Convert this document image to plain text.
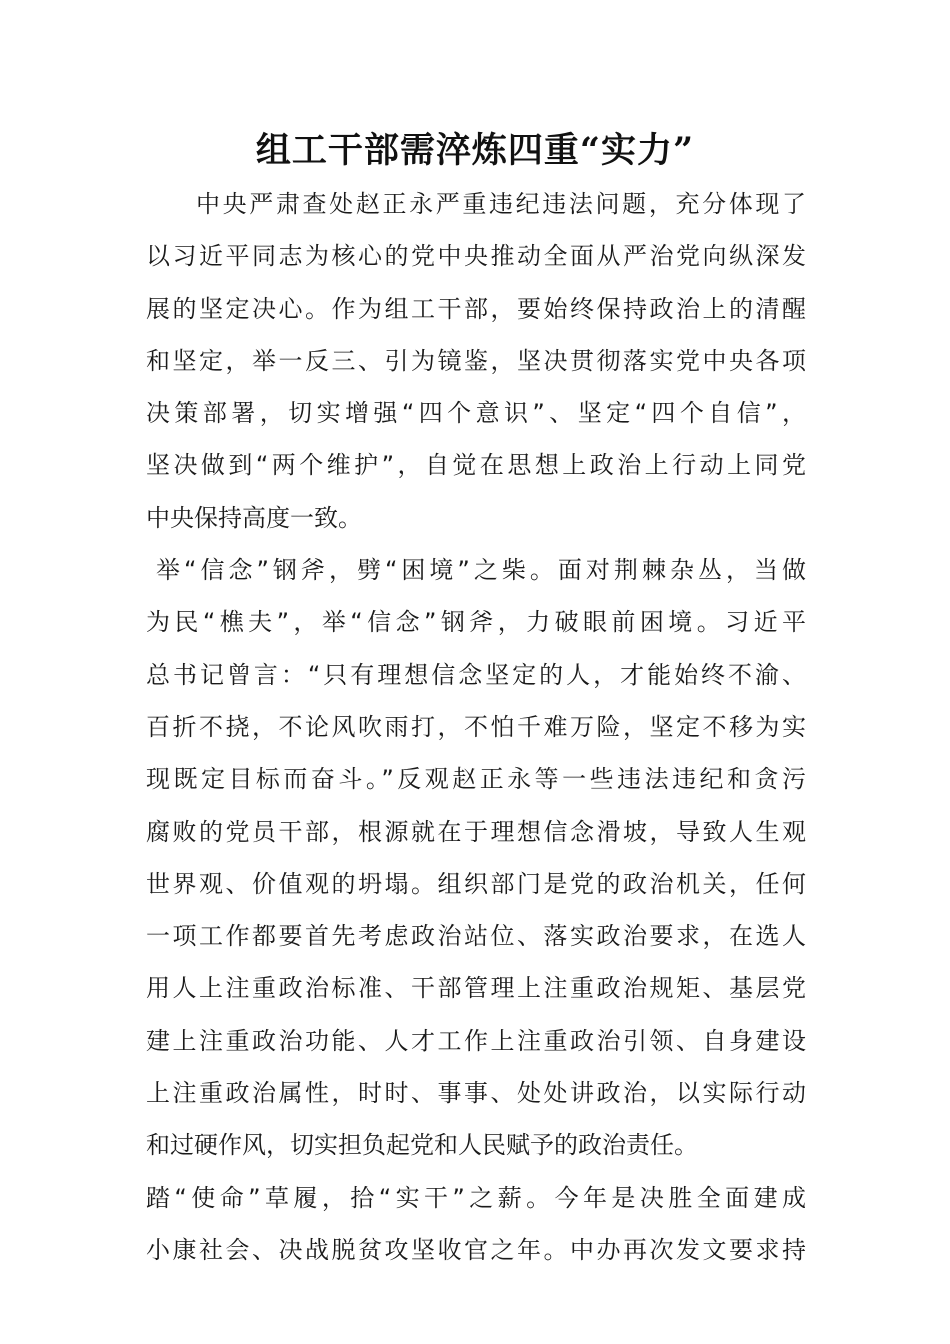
组工干部需淬炼四重“实力”
中央严肃查处赵正永严重违纪违法问题，充分体现了
以习近平同志为核心的党中央推动全面从严治党向纵深发
展的坚定决心。作为组工干部，要始终保持政治上的清醒
和坚定，举一反三、引为镜鉴，坚决贯彻落实党中央各项
决策部署，切实增强“四个意识”、坚定“四个自信”，
坚决做到“两个维护”，自觉在思想上政治上行动上同党
中央保持高度一致。
举“信念”钢斧，劈“困境”之柴。面对荆棘杂丛，当做
为民“樵夫”，举“信念”钢斧，力破眼前困境。习近平
总书记曾言：“只有理想信念坚定的人，才能始终不渝、
百折不挠，不论风吹雨打，不怕千难万险，坚定不移为实
现既定目标而奋斗。”反观赵正永等一些违法违纪和贪污
腐败的党员干部，根源就在于理想信念滑坡，导致人生观
世界观、价值观的坍塌。组织部门是党的政治机关，任何
一项工作都要首先考虑政治站位、落实政治要求，在选人
用人上注重政治标准、干部管理上注重政治规矩、基层党
建上注重政治功能、人才工作上注重政治引领、自身建设
上注重政治属性，时时、事事、处处讲政治，以实际行动
和过硬作风，切实担负起党和人民赋予的政治责任。
踏“使命”草履，拾“实干”之薪。今年是决胜全面建成
小康社会、决战脱贫攻坚收官之年。中办再次发文要求持
